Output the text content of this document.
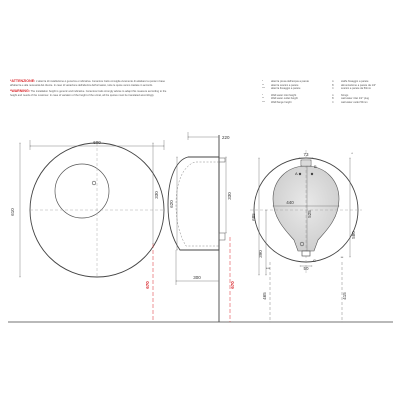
*ATTENZIONE: L'altezza di installazione è generica e indicativa. Ceramica Catis consiglia vivamente di adattare la quota in base
all'altezza e alla necessità del cliente. In caso di variazione dell'altezza dell'orinatoio, tutte le quote vanno traslate in accordo.
*WARNING: The installation height is generic and indicative. Ceramica Catis strongly advise to adapt this measure according to the
height and needs of the customer. In case of variation of the height of the urinal, all the quotes must be translated accordingly.
*	altezza presa dell'acqua a parete
**	altezza scarico a parete
*** altezza fissaggio a parete
*	Wall water inlet height
**	Wall water outlet height
*** Wall flange height
A	staffe fissaggio a parete
B	alimentazione a parete da 1/2"
C	scarico a parete da 50mm
A	fixings
B	wall water inlet 1/2" plug
C	wall water outlet 50mm
600
610
330
670
220
620
330
300
670
A
B
C
73
440
525
685
390
580
50
465
***
415
**
*
